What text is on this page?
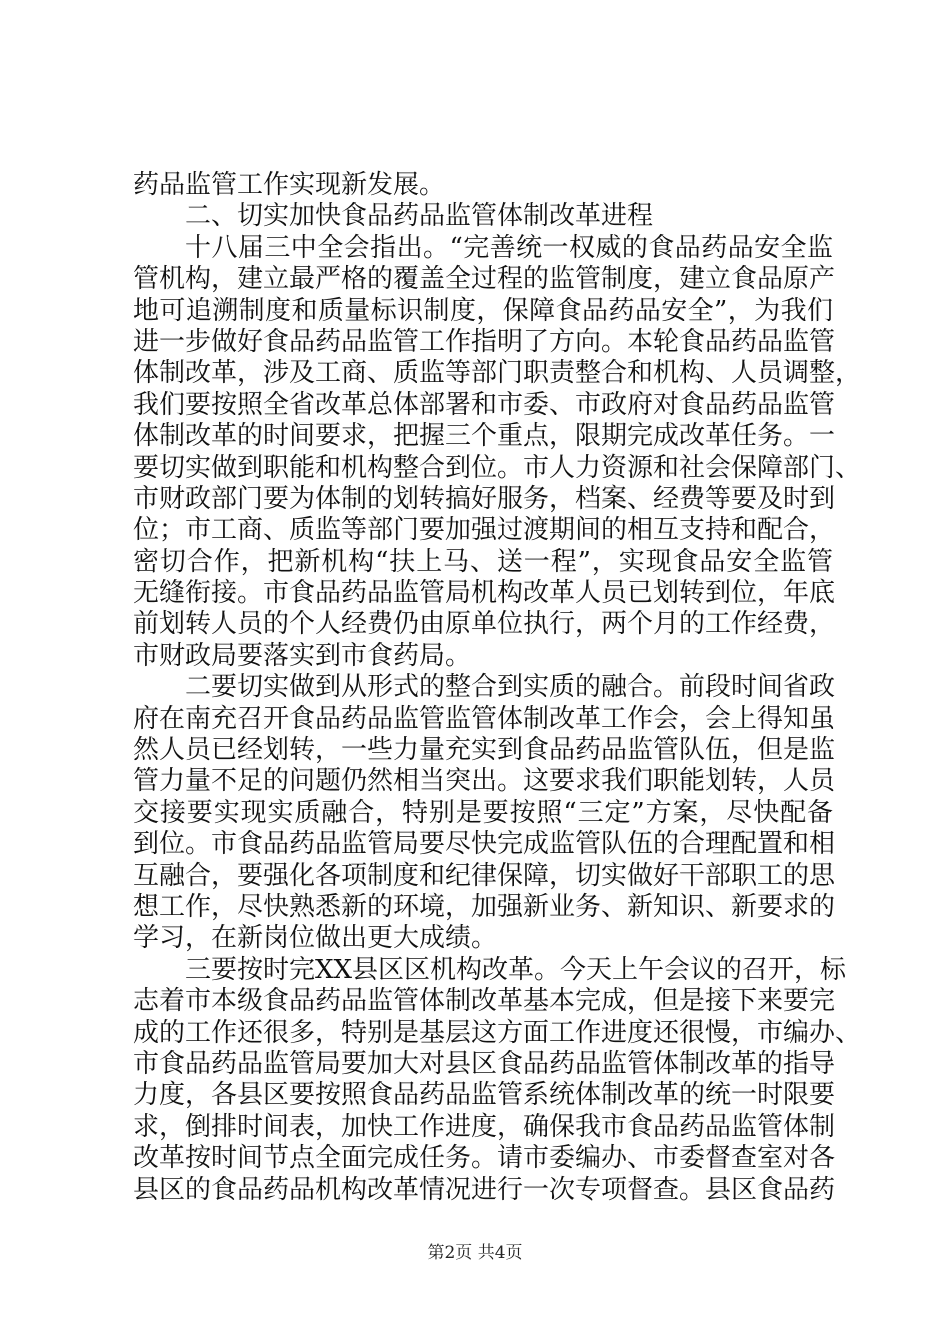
药品监管工作实现新发展。
二、切实加快食品药品监管体制改革进程
十八届三中全会指出。“完善统一权威的食品药品安全监
管机构，建立最严格的覆盖全过程的监管制度，建立食品原产
地可追溯制度和质量标识制度，保障食品药品安全”，为我们
进一步做好食品药品监管工作指明了方向。本轮食品药品监管
体制改革，涉及工商、质监等部门职责整合和机构、人员调整，
我们要按照全省改革总体部署和市委、市政府对食品药品监管
体制改革的时间要求，把握三个重点，限期完成改革任务。一
要切实做到职能和机构整合到位。市人力资源和社会保障部门、
市财政部门要为体制的划转搞好服务，档案、经费等要及时到
位；市工商、质监等部门要加强过渡期间的相互支持和配合，
密切合作，把新机构“扶上马、送一程”，实现食品安全监管
无缝衔接。市食品药品监管局机构改革人员已划转到位，年底
前划转人员的个人经费仍由原单位执行，两个月的工作经费，
市财政局要落实到市食药局。
二要切实做到从形式的整合到实质的融合。前段时间省政
府在南充召开食品药品监管监管体制改革工作会，会上得知虽
然人员已经划转，一些力量充实到食品药品监管队伍，但是监
管力量不足的问题仍然相当突出。这要求我们职能划转，人员
交接要实现实质融合，特别是要按照“三定”方案，尽快配备
到位。市食品药品监管局要尽快完成监管队伍的合理配置和相
互融合，要强化各项制度和纪律保障，切实做好干部职工的思
想工作，尽快熟悉新的环境，加强新业务、新知识、新要求的
学习，在新岗位做出更大成绩。
三要按时完XX县区区机构改革。今天上午会议的召开，标
志着市本级食品药品监管体制改革基本完成，但是接下来要完
成的工作还很多，特别是基层这方面工作进度还很慢，市编办、
市食品药品监管局要加大对县区食品药品监管体制改革的指导
力度，各县区要按照食品药品监管系统体制改革的统一时限要
求，倒排时间表，加快工作进度，确保我市食品药品监管体制
改革按时间节点全面完成任务。请市委编办、市委督查室对各
县区的食品药品机构改革情况进行一次专项督查。县区食品药
第2页 共4页
